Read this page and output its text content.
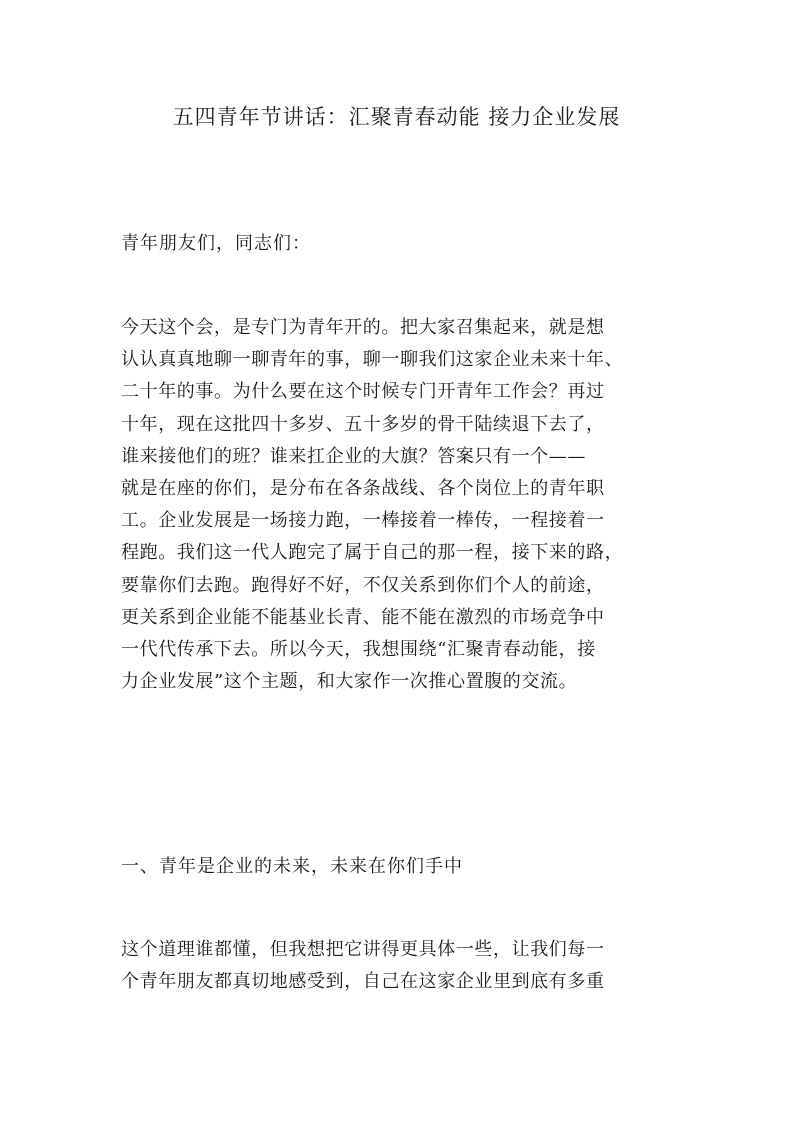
五四青年节讲话：汇聚青春动能 接力企业发展
青年朋友们，同志们：
今天这个会，是专门为青年开的。把大家召集起来，就是想
认认真真地聊一聊青年的事，聊一聊我们这家企业未来十年、
二十年的事。为什么要在这个时候专门开青年工作会？再过
十年，现在这批四十多岁、五十多岁的骨干陆续退下去了，
谁来接他们的班？谁来扛企业的大旗？答案只有一个——
就是在座的你们，是分布在各条战线、各个岗位上的青年职
工。企业发展是一场接力跑，一棒接着一棒传，一程接着一
程跑。我们这一代人跑完了属于自己的那一程，接下来的路，
要靠你们去跑。跑得好不好，不仅关系到你们个人的前途，
更关系到企业能不能基业长青、能不能在激烈的市场竞争中
一代代传承下去。所以今天，我想围绕“汇聚青春动能，接
力企业发展”这个主题，和大家作一次推心置腹的交流。
一、青年是企业的未来，未来在你们手中
这个道理谁都懂，但我想把它讲得更具体一些，让我们每一
个青年朋友都真切地感受到，自己在这家企业里到底有多重
